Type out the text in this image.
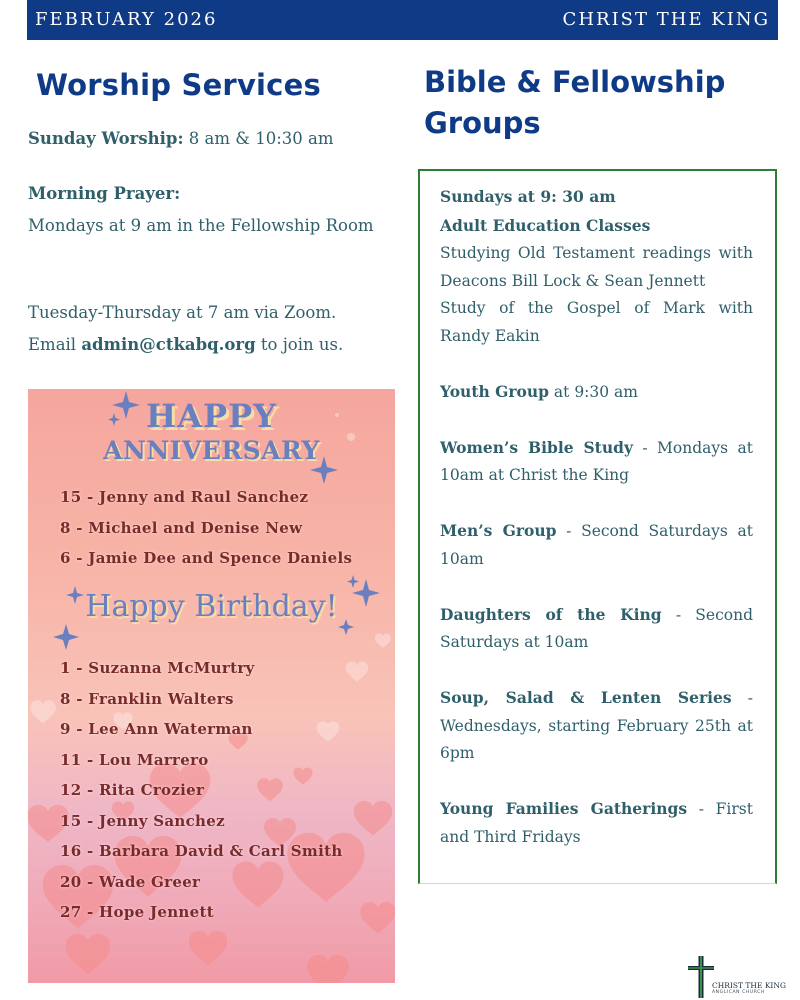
FEBRUARY 2026	CHRIST THE KING
Worship Services
Sunday Worship: 8 am & 10:30 am
Morning Prayer:
Mondays at 9 am in the Fellowship Room
Tuesday-Thursday at 7 am via Zoom.
Email admin@ctkabq.org to join us.
HAPPY
ANNIVERSARY
15 - Jenny and Raul Sanchez
8 - Michael and Denise New
6 - Jamie Dee and Spence Daniels
Happy Birthday!
1 - Suzanna McMurtry
8 - Franklin Walters
9 - Lee Ann Waterman
11 - Lou Marrero
12 - Rita Crozier
15 - Jenny Sanchez
16 - Barbara David & Carl Smith
20 - Wade Greer
27 - Hope Jennett
Bible & Fellowship Groups

Sundays at 9: 30 am

Adult Education Classes

Studying Old Testament readings with Deacons Bill Lock & Sean Jennett

Study of the Gospel of Mark with Randy Eakin

Youth Group at 9:30 am

Women’s Bible Study - Mondays at 10am at Christ the King

Men’s Group - Second Saturdays at 10am

Daughters of the King - Second Saturdays at 10am

Soup, Salad & Lenten Series - Wednesdays, starting February 25th at 6pm

Young Families Gatherings - First and Third Fridays

CHRIST THE KING
ANGLICAN CHURCH
